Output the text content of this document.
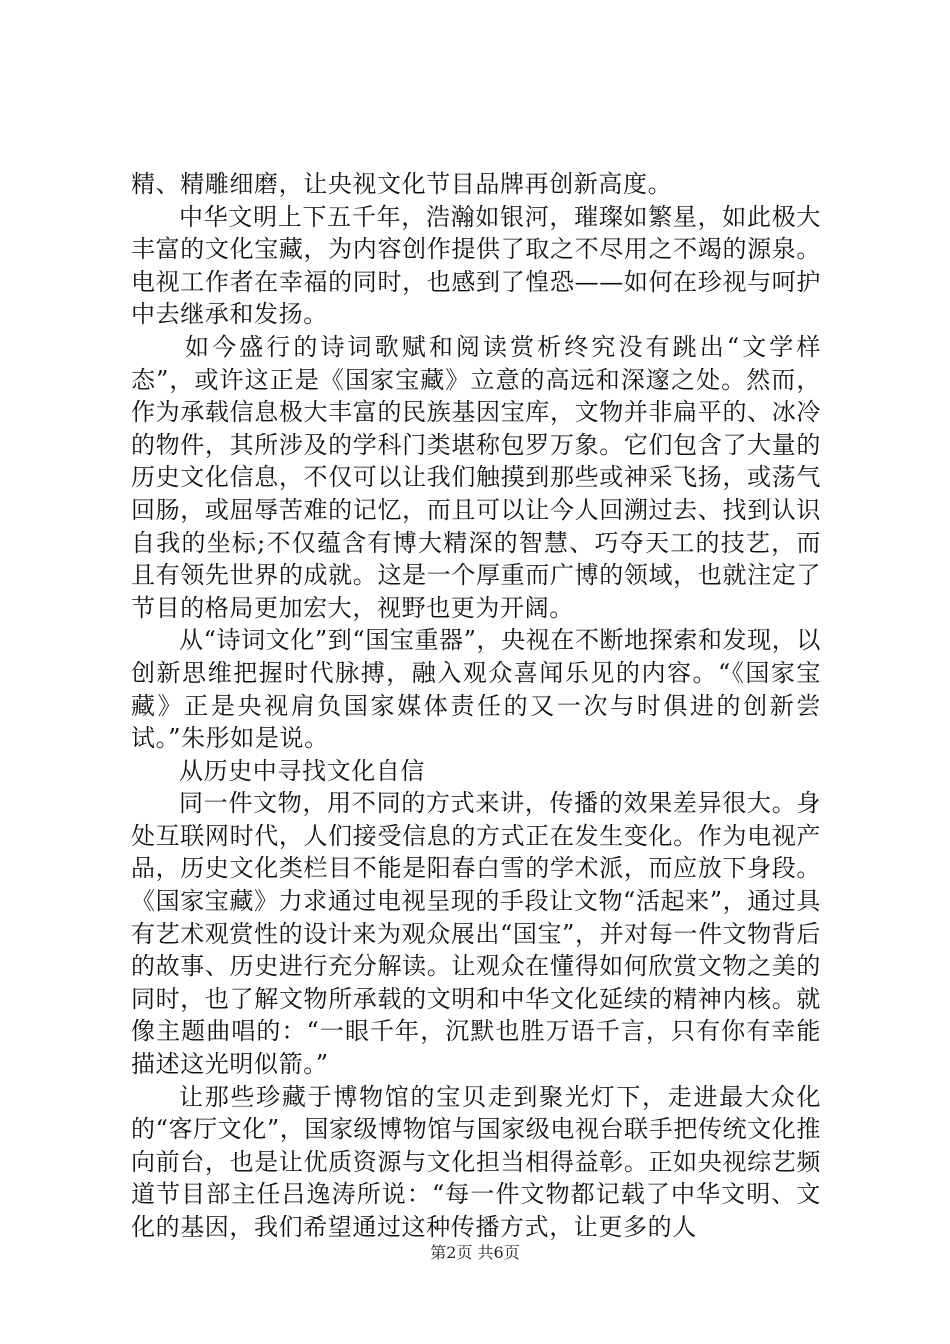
精、精雕细磨，让央视文化节目品牌再创新高度。

中华文明上下五千年，浩瀚如银河，璀璨如繁星，如此极大丰富的文化宝藏，为内容创作提供了取之不尽用之不竭的源泉。电视工作者在幸福的同时，也感到了惶恐——如何在珍视与呵护中去继承和发扬。

如今盛行的诗词歌赋和阅读赏析终究没有跳出“文学样态”，或许这正是《国家宝藏》立意的高远和深邃之处。然而，作为承载信息极大丰富的民族基因宝库，文物并非扁平的、冰冷的物件，其所涉及的学科门类堪称包罗万象。它们包含了大量的历史文化信息，不仅可以让我们触摸到那些或神采飞扬，或荡气回肠，或屈辱苦难的记忆，而且可以让今人回溯过去、找到认识自我的坐标;不仅蕴含有博大精深的智慧、巧夺天工的技艺，而且有领先世界的成就。这是一个厚重而广博的领域，也就注定了节目的格局更加宏大，视野也更为开阔。

从“诗词文化”到“国宝重器”，央视在不断地探索和发现，以创新思维把握时代脉搏，融入观众喜闻乐见的内容。“《国家宝藏》正是央视肩负国家媒体责任的又一次与时俱进的创新尝试。”朱彤如是说。

从历史中寻找文化自信

同一件文物，用不同的方式来讲，传播的效果差异很大。身处互联网时代，人们接受信息的方式正在发生变化。作为电视产品，历史文化类栏目不能是阳春白雪的学术派，而应放下身段。《国家宝藏》力求通过电视呈现的手段让文物“活起来”，通过具有艺术观赏性的设计来为观众展出“国宝”，并对每一件文物背后的故事、历史进行充分解读。让观众在懂得如何欣赏文物之美的同时，也了解文物所承载的文明和中华文化延续的精神内核。就像主题曲唱的：“一眼千年，沉默也胜万语千言，只有你有幸能描述这光明似箭。”

让那些珍藏于博物馆的宝贝走到聚光灯下，走进最大众化的“客厅文化”，国家级博物馆与国家级电视台联手把传统文化推向前台，也是让优质资源与文化担当相得益彰。正如央视综艺频道节目部主任吕逸涛所说：“每一件文物都记载了中华文明、文化的基因，我们希望通过这种传播方式，让更多的人

第2页 共6页
